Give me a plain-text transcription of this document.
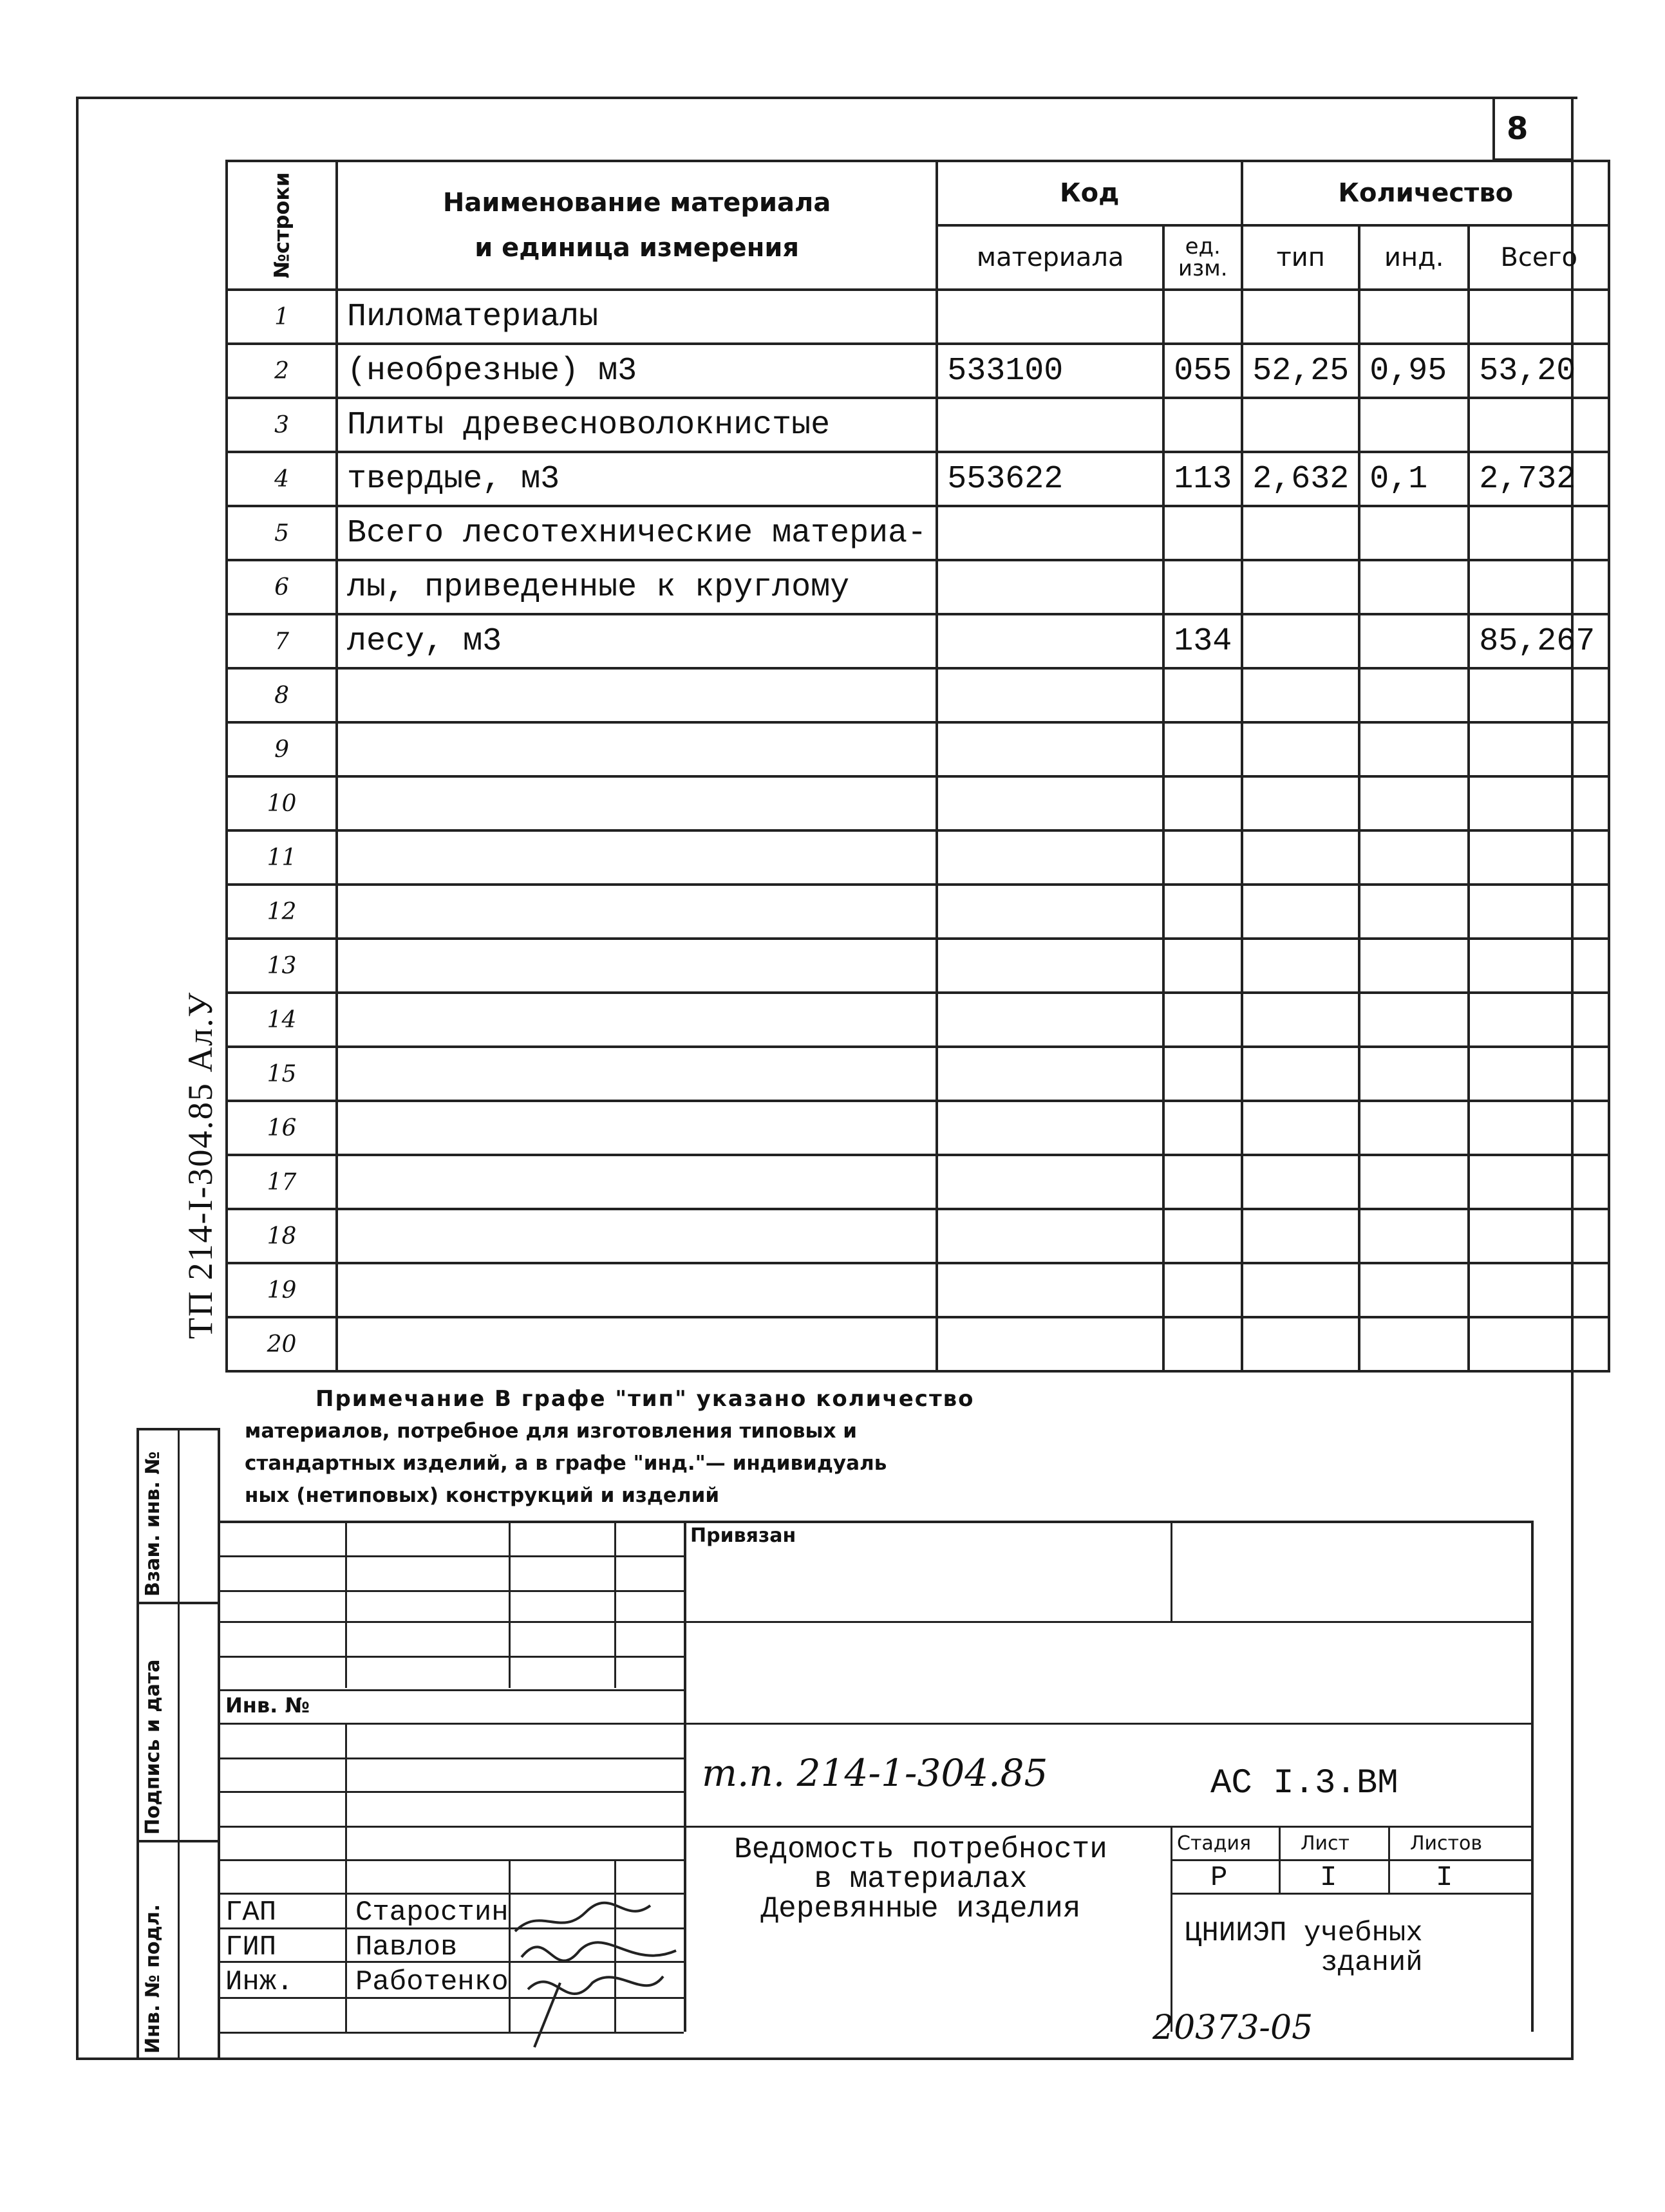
8
№строки	Наименование материала
и единица измерения	Код		Количество		
		материала	ед. изм.	тип	инд.	Всего
1	Пиломатериалы					
2	(необрезные) м3	533100	055	52,25	0,95	53,20
3	Плиты древесноволокнистые					
4	твердые, м3	553622	113	2,632	0,1	2,732
5	Всего лесотехнические материа-					
6	лы, приведенные к круглому					
7	лесу, м3		134			85,267
8						
9						
10						
11						
12						
13						
14						
15						
16						
17						
18						
19						
20						

Примечание В графе "тип" указано количество

материалов, потребное для изготовления типовых и

стандартных изделий, а в графе "инд."— индивидуаль

ных (нетиповых) конструкций и изделий

ТП 214-I-304.85 Ал.У
Взам. инв. №
Подпись и дата
Инв. № подл.
Привязан
Инв. №
т.п. 214-1-304.85	АС I.3.ВМ
Ведомость потребности
в материалах
Деревянные изделия
Стадия	Лист	Листов
Р	I	I
ЦНИИЭП учебных
зданий
ГАП	Старостин
ГИП	Павлов
Инж. Работенко
20373-05
